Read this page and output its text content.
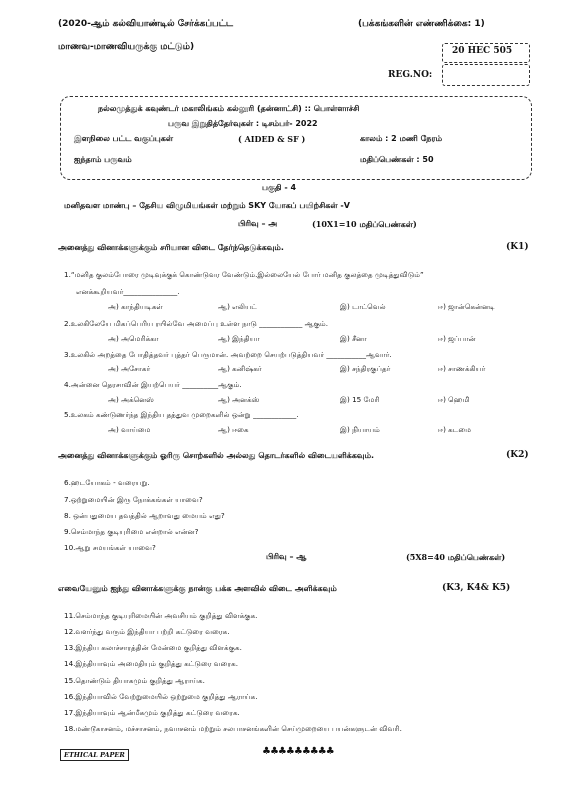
(2020-ஆம் கல்வியாண்டில் சேர்க்கப்பட்ட
மாணவ-மாணவியருக்கு மட்டும்)
(பக்கங்களின் எண்ணிக்கை: 1)
20 HEC 505
REG.NO:
நல்லமுத்துக் கவுண்டர் மகாலிங்கம் கல்லூரி (தன்னாட்சி) :: பொள்ளாச்சி
பருவ இறுதித்தேர்வுகள் : டிசம்பர்- 2022
இளநிலை பட்ட வகுப்புகள்	( AIDED & SF )	காலம் : 2 மணி நேரம்
ஐந்தாம் பருவம்	மதிப்பெண்கள் : 50
பகுதி - 4
மனிதவள மாண்பு – தேசிய விழுமியங்கள் மற்றும் SKY யோகப் பயிற்சிகள் -V
பிரிவு – அ	(10X1=10 மதிப்பெண்கள்)
அனைத்து வினாக்களுக்கும் சரியான விடை தேர்ந்தெடுக்கவும்.	(K1)
1.“மனித குலம்போரை முடிவுக்குக் கொண்டுவர வேண்டும்.இல்லையேல் போர் மனித குலத்தை முடித்துவிடும்”
எனக்கூறியவர்_______________.
அ) காந்தியடிகள்	ஆ) எலியட்	இ) டாட்வெல்	ஈ) ஜான்கென்னடி
2.உலகிலேயே மிகப்பெரிய ரயில்வே அமைப்பு உள்ள நாடு ____________ ஆகும்.
அ) அமெரிக்கா	ஆ) இந்தியா	இ) சீனா	ஈ) ஜப்பான்
3.உலகில் அறத்தை போதித்தவர் புத்தர் பெருமான். அவற்றை செயற்படுத்தியவர் ___________ஆவார்.
அ) அசோகர்	ஆ) கனிஷ்கர்	இ) சந்திரகுப்தர்	ஈ) சாணக்கியர்
4.அன்னை தெரசாவின் இயற்பெயர் __________ஆகும்.
அ) அக்னெஸ்	ஆ) அனக்ஸ்	இ) 15 மேரி	ஈ) ஹெமி
5.உலகம் கண்டுணர்ந்த இந்திய தத்துவ முறைகளில் ஒன்று ____________.
அ) வாய்மை	ஆ) ஈகை	இ) நியாயம்	ஈ) கடமை
அனைத்து வினாக்களுக்கும் ஓரிரு சொற்களில் அல்லது தொடர்களில் விடையளிக்கவும்.	(K2)
6.ஹடயோகம் - வரையறு.
7.ஒற்றுமையின் இரு நோக்கங்கள் யாவை?
8. ஒன்பதுமைய தவத்தில் ஆறாவது மையம் எது?
9.செம்மாந்த குடியுரிமை என்றால் என்ன?
10.ஆறு சமயங்கள் யாவை?
பிரிவு – ஆ	(5X8=40 மதிப்பெண்கள்)
எவையேனும் ஐந்து வினாக்களுக்கு நான்கு பக்க அளவில் விடை அளிக்கவும்	(K3, K4& K5)
11.செம்மாந்த குடியுரிமையின் அவசியம் குறித்து விளக்குக.
12.வளர்ந்து வரும் இந்தியா பற்றி கட்டுரை வரைக.
13.இந்திய கலாச்சாரத்தின் மேன்மை குறித்து விளக்குக.
14.இந்தியாவும் அமைதியும் குறித்து கட்டுரை வரைக.
15.தொண்டும் தியாகமும் குறித்து ஆராய்க.
16.இந்தியாவில் வேற்றுமையில் ஒற்றுமை குறித்து ஆராய்க.
17.இந்தியாவும் ஆன்மீகமும் குறித்து கட்டுரை வரைக.
18.மண்டூகாசனம், மச்சாசனம், நவாசனம் மற்றும் சலபாசனங்களின் செய்முறையை பயன்களுடன் விவரி.
ETHICAL PAPER	♣♣♣♣♣♣♣♣♣
